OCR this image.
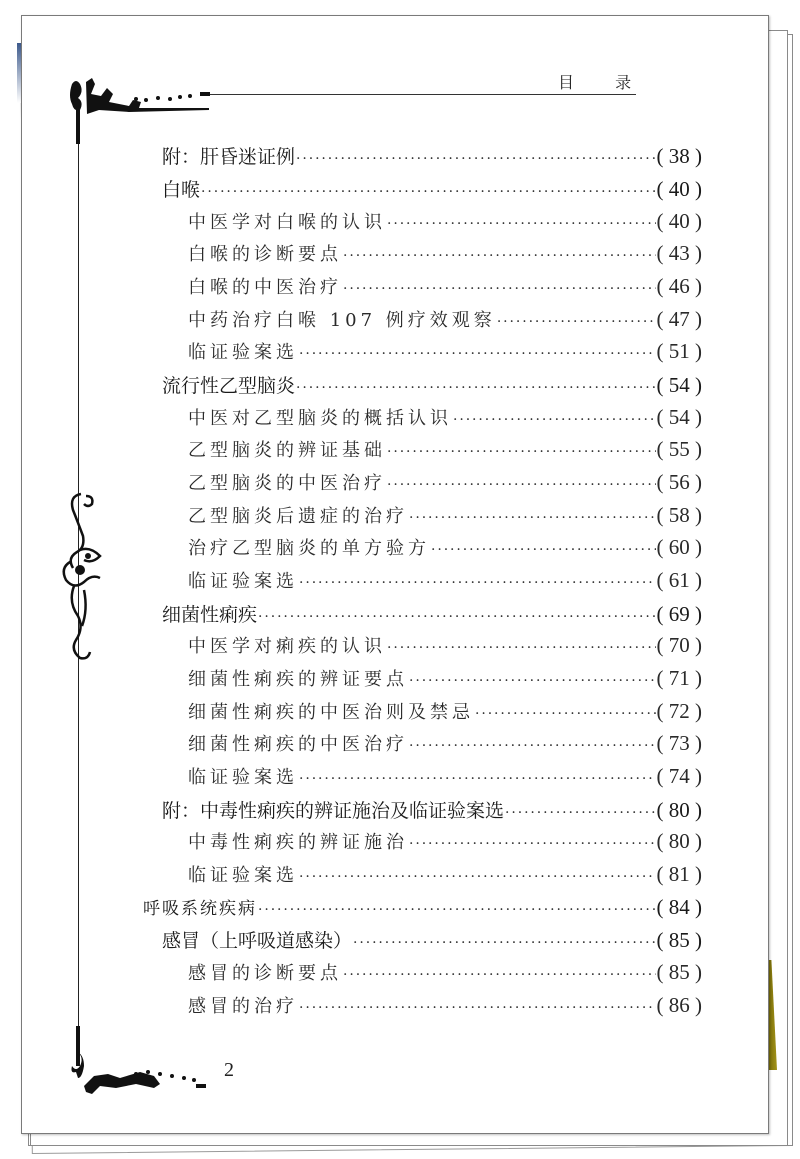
目 录
附：肝昏迷证例 ·····	( 38 )
白喉 ·····	( 40 )
中医学对白喉的认识 ·····	( 40 )
白喉的诊断要点 ·····	( 43 )
白喉的中医治疗 ·····	( 46 )
中药治疗白喉 107 例疗效观察 ·····	( 47 )
临证验案选 ·····	( 51 )
流行性乙型脑炎 ·····	( 54 )
中医对乙型脑炎的概括认识 ·····	( 54 )
乙型脑炎的辨证基础 ·····	( 55 )
乙型脑炎的中医治疗 ·····	( 56 )
乙型脑炎后遗症的治疗 ·····	( 58 )
治疗乙型脑炎的单方验方 ·····	( 60 )
临证验案选 ·····	( 61 )
细菌性痢疾 ·····	( 69 )
中医学对痢疾的认识 ·····	( 70 )
细菌性痢疾的辨证要点 ·····	( 71 )
细菌性痢疾的中医治则及禁忌 ·····	( 72 )
细菌性痢疾的中医治疗 ·····	( 73 )
临证验案选 ·····	( 74 )
附：中毒性痢疾的辨证施治及临证验案选 ·····	( 80 )
中毒性痢疾的辨证施治 ·····	( 80 )
临证验案选 ·····	( 81 )
呼吸系统疾病 ·····	( 84 )
感冒（上呼吸道感染） ·····	( 85 )
感冒的诊断要点 ·····	( 85 )
感冒的治疗 ·····	( 86 )
2
